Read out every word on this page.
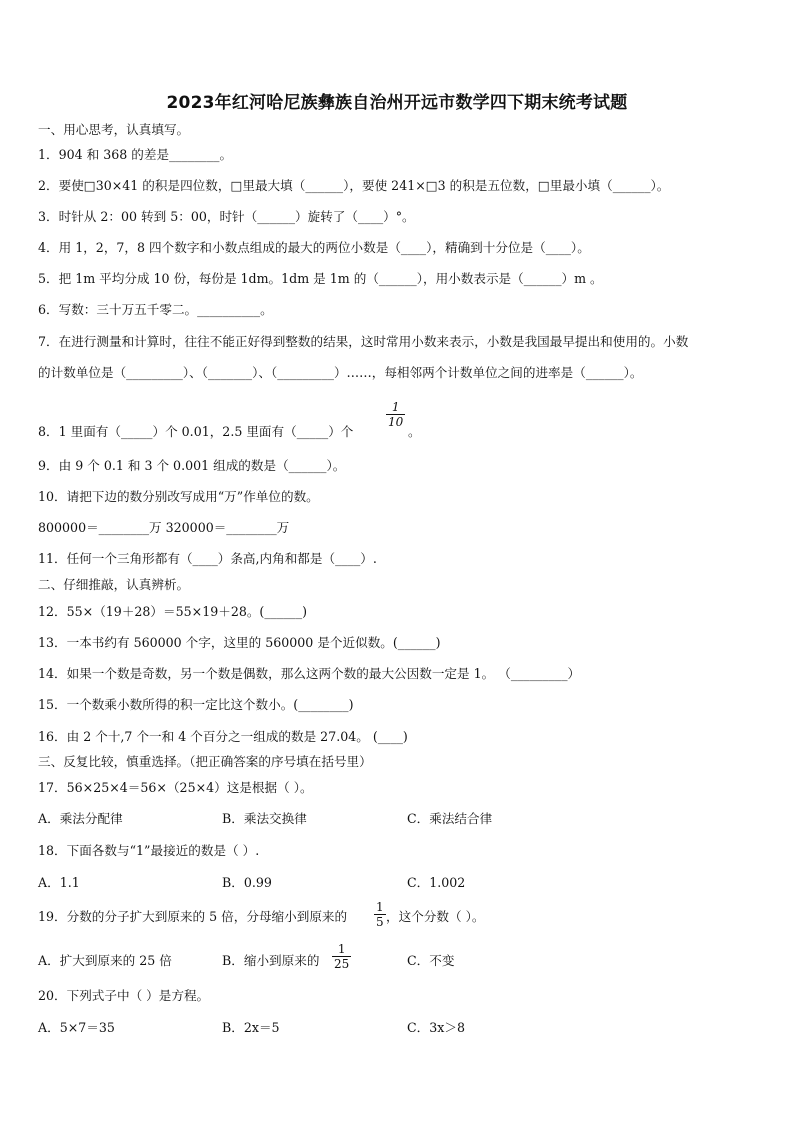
2023年红河哈尼族彝族自治州开远市数学四下期末统考试题
一、用心思考，认真填写。
1．904 和 368 的差是________。
2．要使□30×41 的积是四位数，□里最大填（______），要使 241×□3 的积是五位数，□里最小填（______）。
3．时针从 2：00 转到 5：00，时针（______）旋转了（____）°。
4．用 1，2，7，8 四个数字和小数点组成的最大的两位小数是（____），精确到十分位是（____）。
5．把 1m 平均分成 10 份，每份是 1dm。1dm 是 1m 的（______），用小数表示是（______）m 。
6．写数：三十万五千零二。__________。
7．在进行测量和计算时，往往不能正好得到整数的结果，这时常用小数来表示，小数是我国最早提出和使用的。小数
的计数单位是（_________）、（_______）、（_________）……，每相邻两个计数单位之间的进率是（______）。
8．1 里面有（_____）个 0.01，2.5 里面有（_____）个
1
10
。
9．由 9 个 0.1 和 3 个 0.001 组成的数是（______）。
10．请把下边的数分别改写成用“万”作单位的数。
800000＝________万 320000＝________万
11．任何一个三角形都有（____）条高,内角和都是（____）.
二、仔细推敲，认真辨析。
12．55×（19＋28）＝55×19＋28。(______)
13．一本书约有 560000 个字，这里的 560000 是个近似数。(______)
14．如果一个数是奇数，另一个数是偶数，那么这两个数的最大公因数一定是 1。 （_________）
15．一个数乘小数所得的积一定比这个数小。(________)
16．由 2 个十,7 个一和 4 个百分之一组成的数是 27.04。 (____)
三、反复比较，慎重选择。（把正确答案的序号填在括号里）
17．56×25×4＝56×（25×4）这是根据（ ）。
A．乘法分配律	B．乘法交换律	C．乘法结合律
18．下面各数与“1”最接近的数是（ ）.
A．1.1	B．0.99	C．1.002
19．分数的分子扩大到原来的 5 倍，分母缩小到原来的
1
5 ，这个分数（ ）。
A．扩大到原来的 25 倍	B．缩小到原来的
1
25	C．不变
20．下列式子中（ ）是方程。
A．5×7＝35	B．2x＝5	C．3x＞8
